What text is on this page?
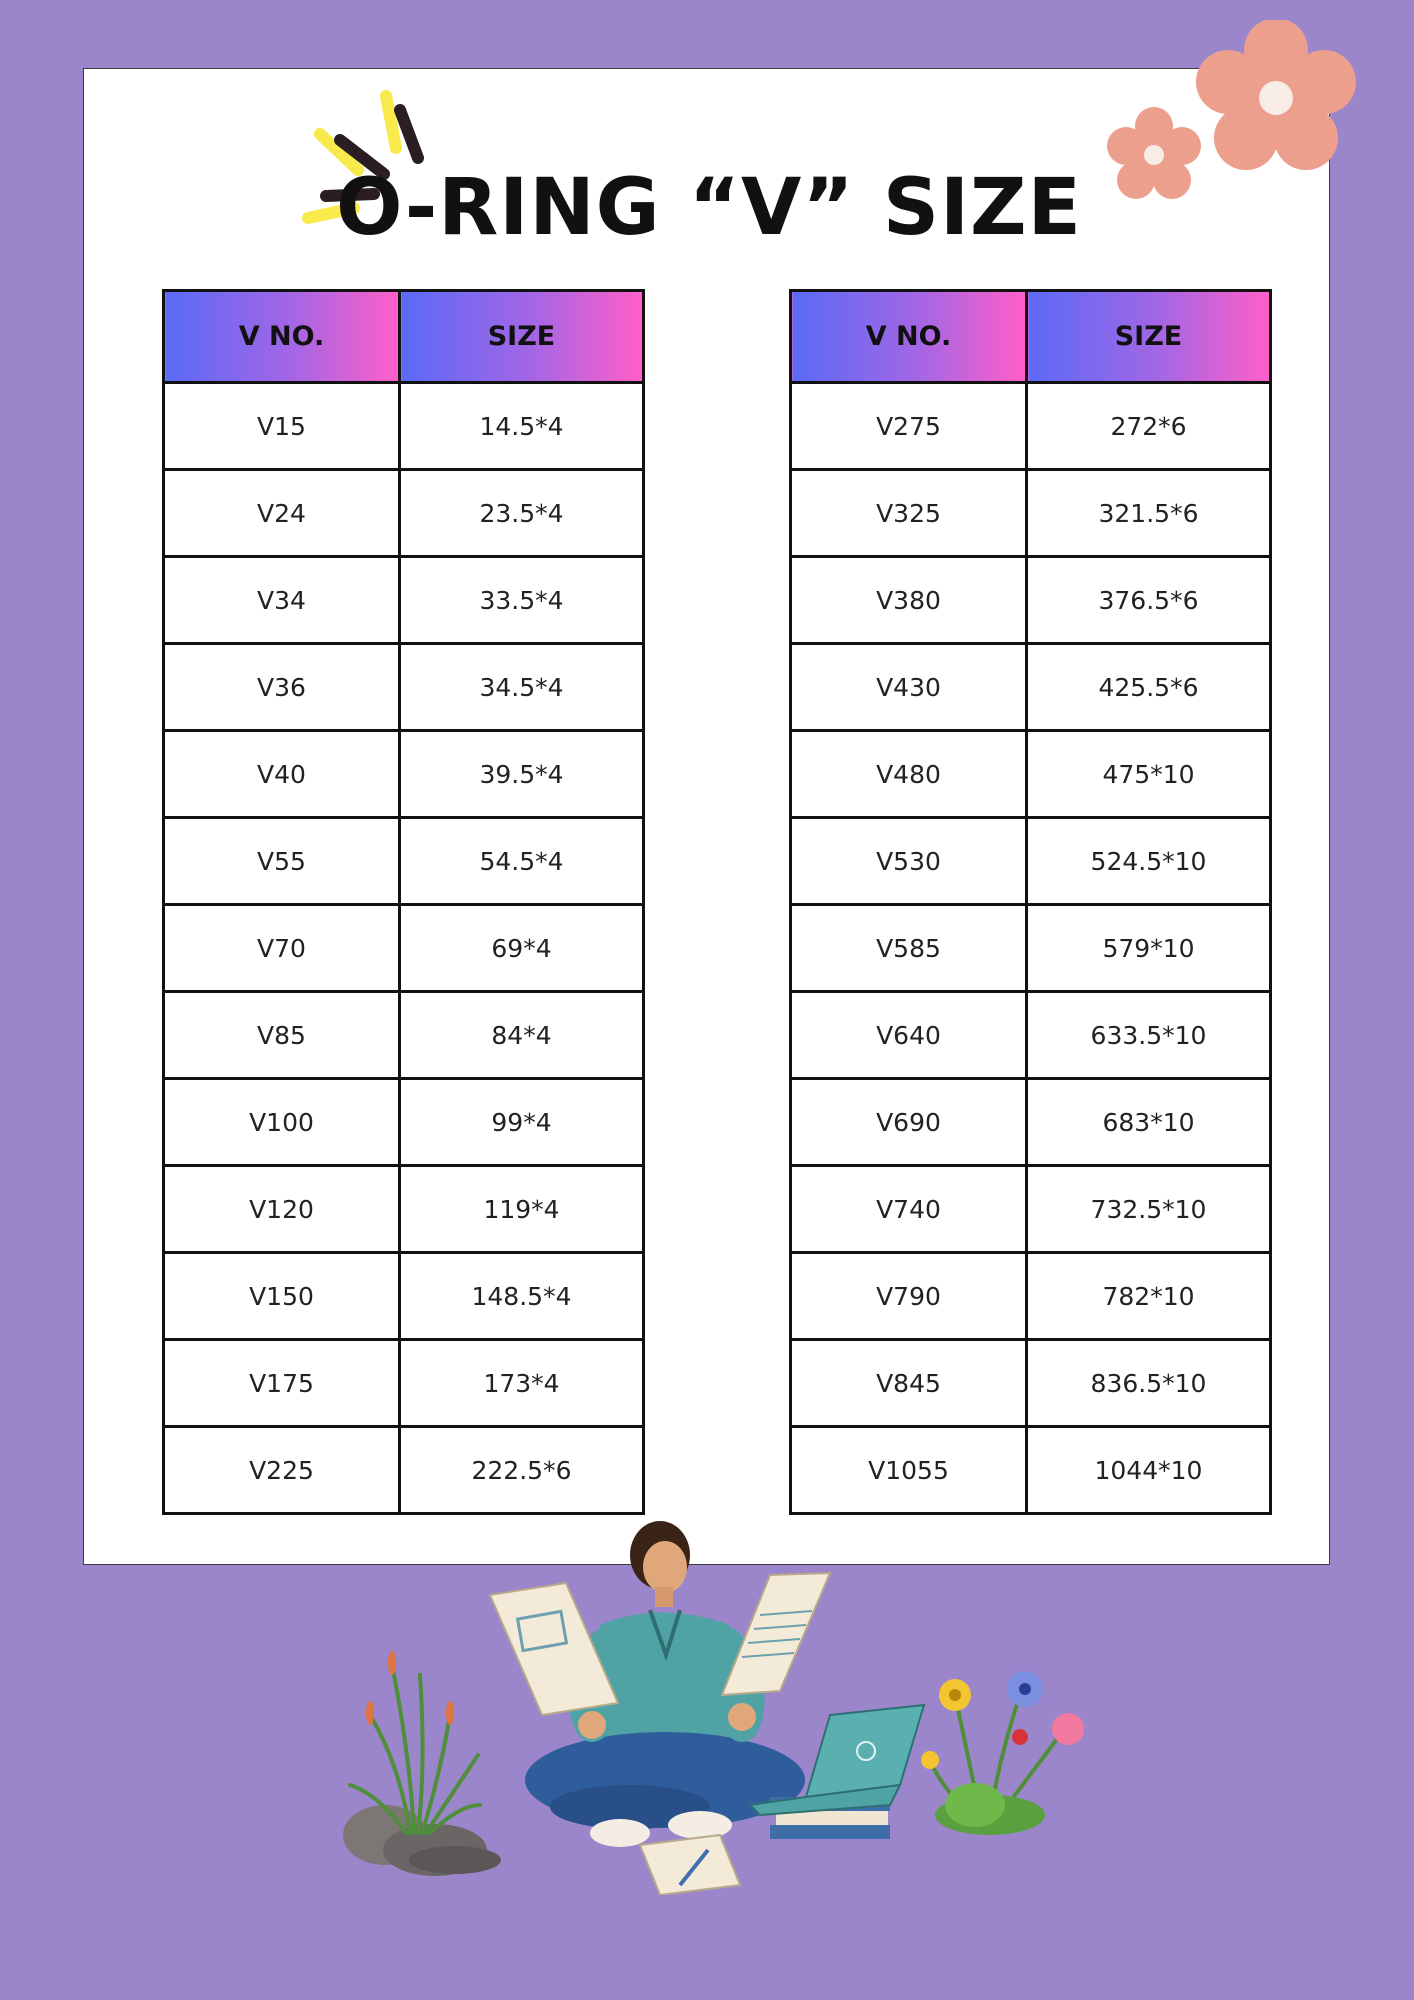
O-RING “V” SIZE
V NO.	SIZE
V15	14.5*4
V24	23.5*4
V34	33.5*4
V36	34.5*4
V40	39.5*4
V55	54.5*4
V70	69*4
V85	84*4
V100	99*4
V120	119*4
V150	148.5*4
V175	173*4
V225	222.5*6
V NO.	SIZE
V275	272*6
V325	321.5*6
V380	376.5*6
V430	425.5*6
V480	475*10
V530	524.5*10
V585	579*10
V640	633.5*10
V690	683*10
V740	732.5*10
V790	782*10
V845	836.5*10
V1055	1044*10
